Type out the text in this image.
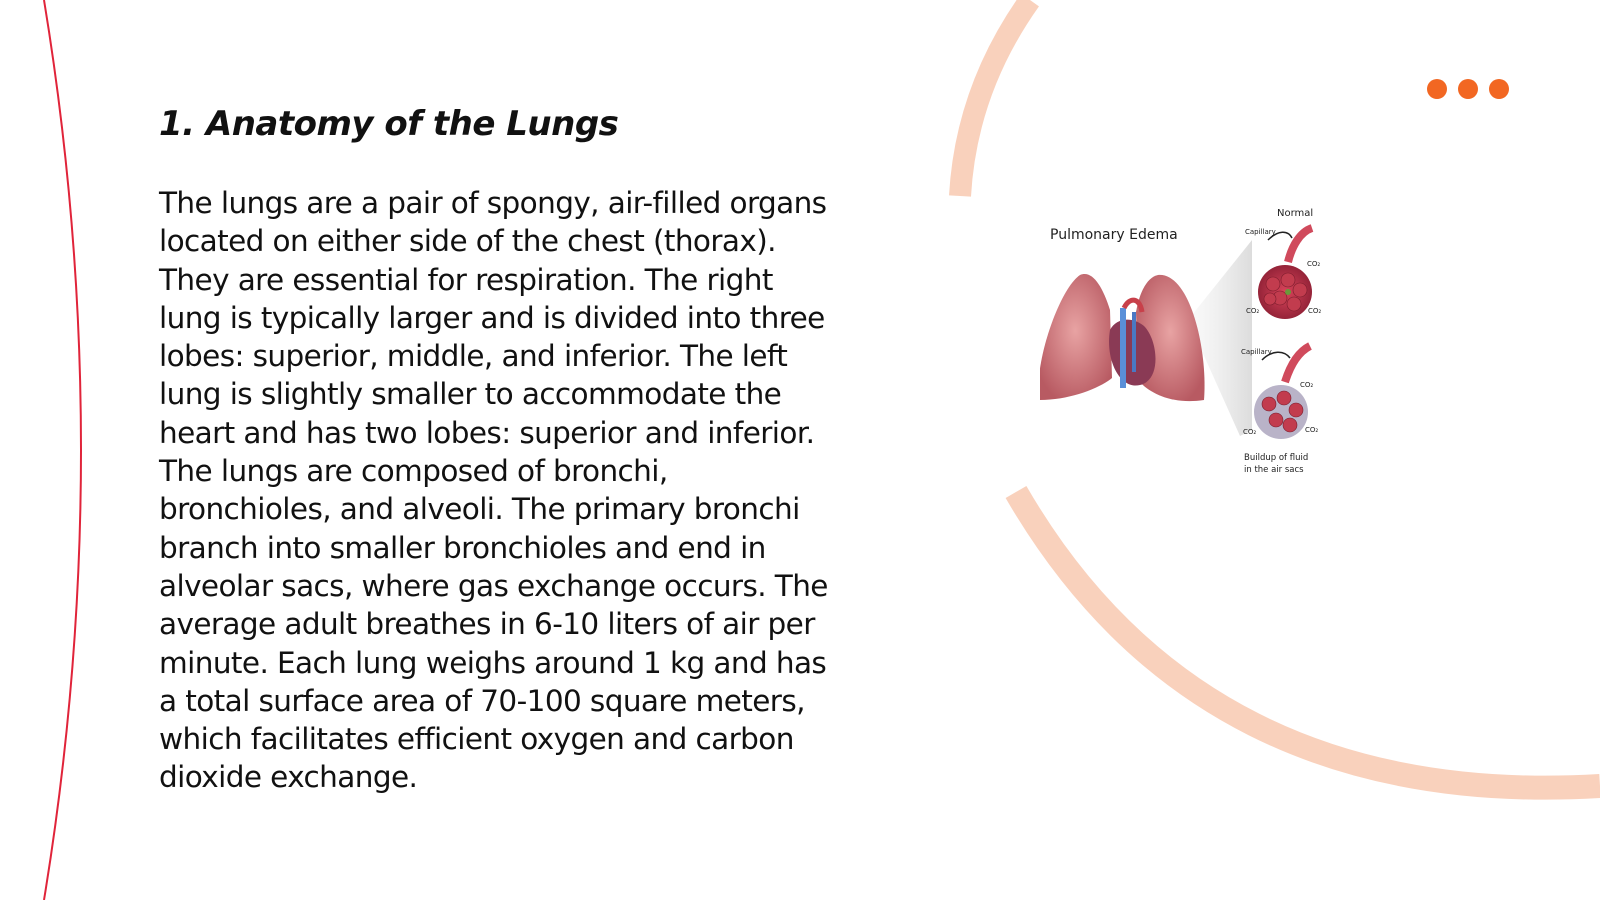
1. Anatomy of the Lungs

The lungs are a pair of spongy, air-filled organs located on either side of the chest (thorax). They are essential for respiration. The right lung is typically larger and is divided into three lobes: superior, middle, and inferior. The left lung is slightly smaller to accommodate the heart and has two lobes: superior and inferior. The lungs are composed of bronchi, bronchioles, and alveoli. The primary bronchi branch into smaller bronchioles and end in alveolar sacs, where gas exchange occurs. The average adult breathes in 6-10 liters of air per minute. Each lung weighs around 1 kg and has a total surface area of 70-100 square meters, which facilitates efficient oxygen and carbon dioxide exchange.

Pulmonary Edema
Normal
Capillary
CO₂
CO₂	CO₂
Capillary
CO₂
CO₂	CO₂
Buildup of fluid
in the air sacs
